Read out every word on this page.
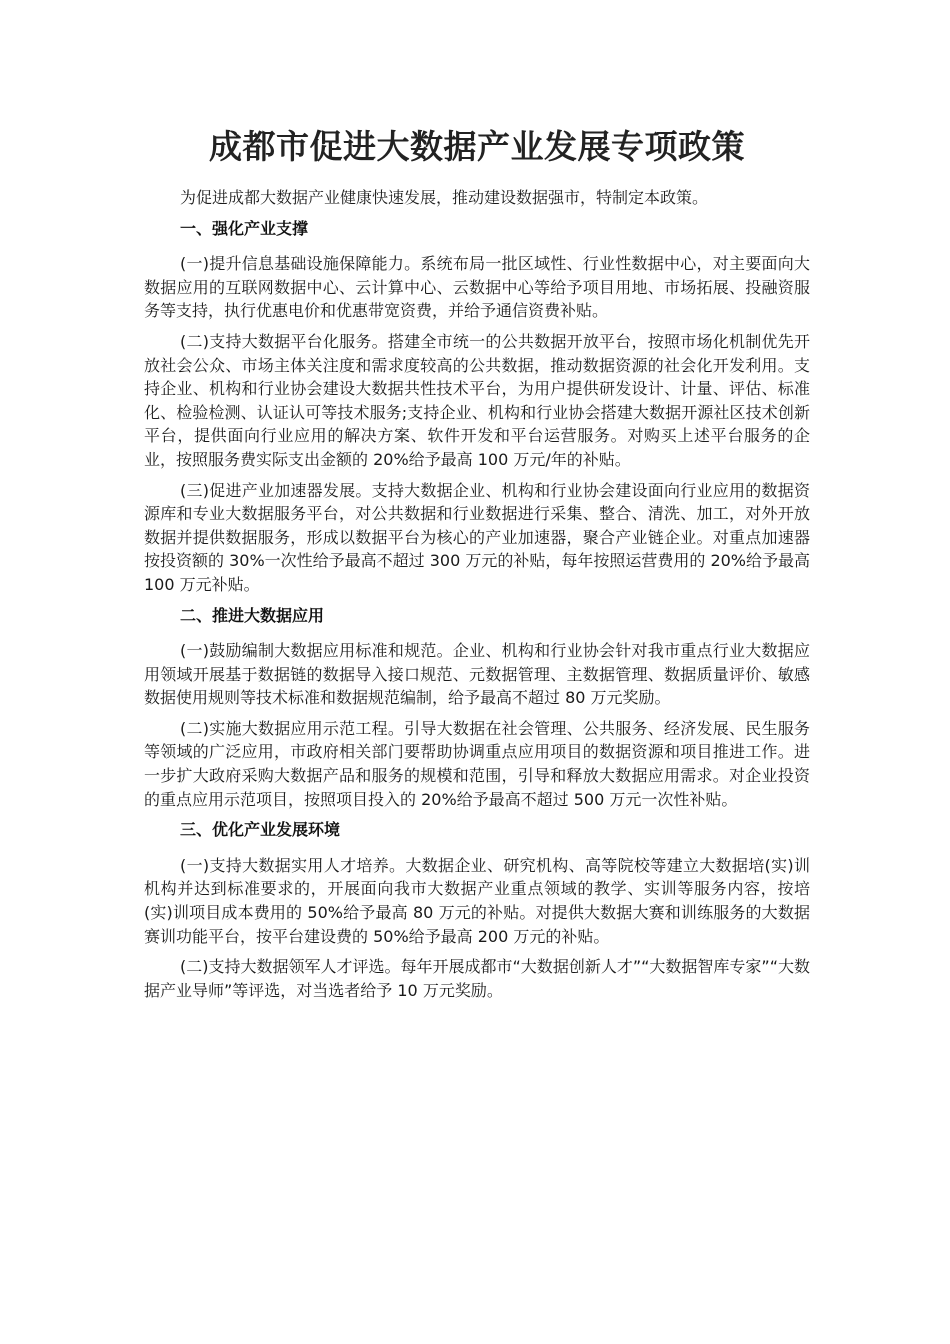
成都市促进大数据产业发展专项政策

为促进成都大数据产业健康快速发展，推动建设数据强市，特制定本政策。

一、强化产业支撑

(一)提升信息基础设施保障能力。系统布局一批区域性、行业性数据中心，对主要面向大数据应用的互联网数据中心、云计算中心、云数据中心等给予项目用地、市场拓展、投融资服务等支持，执行优惠电价和优惠带宽资费，并给予通信资费补贴。

(二)支持大数据平台化服务。搭建全市统一的公共数据开放平台，按照市场化机制优先开放社会公众、市场主体关注度和需求度较高的公共数据，推动数据资源的社会化开发利用。支持企业、机构和行业协会建设大数据共性技术平台，为用户提供研发设计、计量、评估、标准化、检验检测、认证认可等技术服务;支持企业、机构和行业协会搭建大数据开源社区技术创新平台，提供面向行业应用的解决方案、软件开发和平台运营服务。对购买上述平台服务的企业，按照服务费实际支出金额的 20%给予最高 100 万元/年的补贴。

(三)促进产业加速器发展。支持大数据企业、机构和行业协会建设面向行业应用的数据资源库和专业大数据服务平台，对公共数据和行业数据进行采集、整合、清洗、加工，对外开放数据并提供数据服务，形成以数据平台为核心的产业加速器，聚合产业链企业。对重点加速器按投资额的 30%一次性给予最高不超过 300 万元的补贴，每年按照运营费用的 20%给予最高 100 万元补贴。

二、推进大数据应用

(一)鼓励编制大数据应用标准和规范。企业、机构和行业协会针对我市重点行业大数据应用领域开展基于数据链的数据导入接口规范、元数据管理、主数据管理、数据质量评价、敏感数据使用规则等技术标准和数据规范编制，给予最高不超过 80 万元奖励。

(二)实施大数据应用示范工程。引导大数据在社会管理、公共服务、经济发展、民生服务等领域的广泛应用，市政府相关部门要帮助协调重点应用项目的数据资源和项目推进工作。进一步扩大政府采购大数据产品和服务的规模和范围，引导和释放大数据应用需求。对企业投资的重点应用示范项目，按照项目投入的 20%给予最高不超过 500 万元一次性补贴。

三、优化产业发展环境

(一)支持大数据实用人才培养。大数据企业、研究机构、高等院校等建立大数据培(实)训机构并达到标准要求的，开展面向我市大数据产业重点领域的教学、实训等服务内容，按培(实)训项目成本费用的 50%给予最高 80 万元的补贴。对提供大数据大赛和训练服务的大数据赛训功能平台，按平台建设费的 50%给予最高 200 万元的补贴。

(二)支持大数据领军人才评选。每年开展成都市“大数据创新人才”“大数据智库专家”“大数据产业导师”等评选，对当选者给予 10 万元奖励。
